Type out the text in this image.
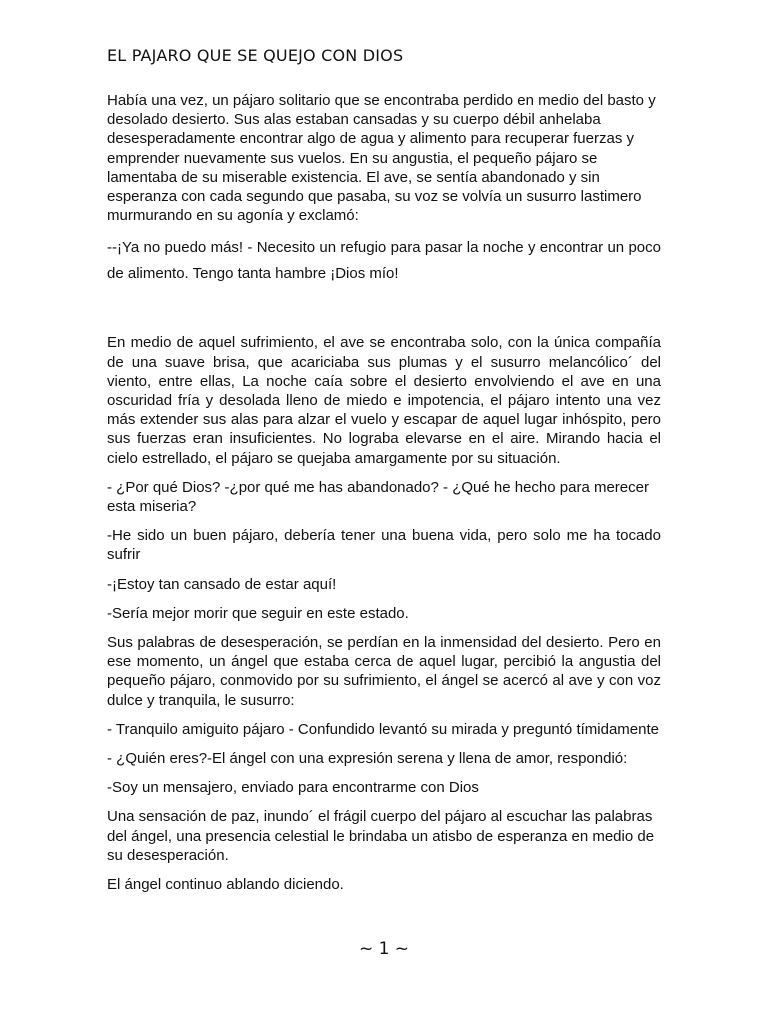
EL PAJARO QUE SE QUEJO CON DIOS

Había una vez, un pájaro solitario que se encontraba perdido en medio del basto y desolado desierto. Sus alas estaban cansadas y su cuerpo débil anhelaba desesperadamente encontrar algo de agua y alimento para recuperar fuerzas y emprender nuevamente sus vuelos. En su angustia, el pequeño pájaro se lamentaba de su miserable existencia. El ave, se sentía abandonado y sin esperanza con cada segundo que pasaba, su voz se volvía un susurro lastimero murmurando en su agonía y exclamó:

--¡Ya no puedo más! - Necesito un refugio para pasar la noche y encontrar un poco de alimento. Tengo tanta hambre ¡Dios mío!

En medio de aquel sufrimiento, el ave se encontraba solo, con la única compañía de una suave brisa, que acariciaba sus plumas y el susurro melancólico´ del viento, entre ellas, La noche caía sobre el desierto envolviendo el ave en una oscuridad fría y desolada lleno de miedo e impotencia, el pájaro intento una vez más extender sus alas para alzar el vuelo y escapar de aquel lugar inhóspito, pero sus fuerzas eran insuficientes. No lograba elevarse en el aire. Mirando hacia el cielo estrellado, el pájaro se quejaba amargamente por su situación.

- ¿Por qué Dios? -¿por qué me has abandonado? - ¿Qué he hecho para merecer esta miseria?

-He sido un buen pájaro, debería tener una buena vida, pero solo me ha tocado sufrir

-¡Estoy tan cansado de estar aquí!

-Sería mejor morir que seguir en este estado.

Sus palabras de desesperación, se perdían en la inmensidad del desierto. Pero en ese momento, un ángel que estaba cerca de aquel lugar, percibió la angustia del pequeño pájaro, conmovido por su sufrimiento, el ángel se acercó al ave y con voz dulce y tranquila, le susurro:

- Tranquilo amiguito pájaro - Confundido levantó su mirada y preguntó tímidamente

- ¿Quién eres?-El ángel con una expresión serena y llena de amor, respondió:

-Soy un mensajero, enviado para encontrarme con Dios

Una sensación de paz, inundo´ el frágil cuerpo del pájaro al escuchar las palabras del ángel, una presencia celestial le brindaba un atisbo de esperanza en medio de su desesperación.

El ángel continuo ablando diciendo.

~ 1 ~
